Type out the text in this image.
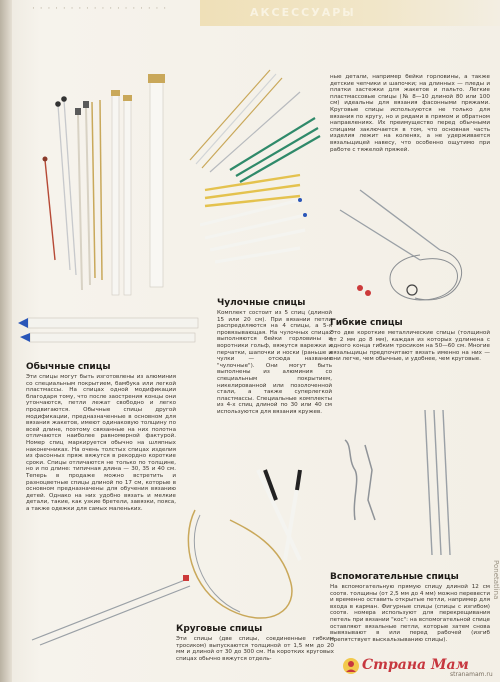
АКСЕССУАРЫ
· · · · · · · · · · · · · · · · · ·

ные детали, например бейки горловины, а также детские чепчики и шапочки; на длинных — пледы и платки застежки для жакетов и пальто. Легкие пластмассовые спицы (№ 8—10 длиной 80 или 100 см) идеальны для вязания фасонными пряжами. Круговые спицы используются не только для вязания по кругу, но и рядами в прямом и обратном направлениях. Их преимущество перед обычными спицами заключается в том, что основная часть изделия лежит на коленях, а не удерживается вязальщицей навесу, что особенно ощутимо при работе с тяжелой пряжей.

Чулочные спицы

Комплект состоит из 5 спиц (длиной 15 или 20 см). При вязании петли распределяются на 4 спицы, а 5-я провязывающая. На чулочных спицах выполняются бейки горловины и воротники гольф, вяжутся варежки и перчатки, шапочки и носки (раньше и чулки — отсюда название "чулочные"). Они могут быть выполнены из алюминия со специальным покрытием, никелированной или позолоченной стали, а также суперлегкой пластмассы. Специальные комплекты из 4-х спиц длиной по 30 или 40 см используются для вязания кружев.

Гибкие спицы

Это две короткие металлические спицы (толщиной от 2 мм до 8 мм), каждая из которых удлинена с одного конца гибким тросиком на 50—60 см. Многие вязальщицы предпочитают вязать именно на них — они легче, чем обычные, и удобнее, чем круговые.

Обычные спицы

Эти спицы могут быть изготовлены из алюминия со специальным покрытием, бамбука или легкой пластмассы. На спицах одной модификации благодаря тому, что после заострения концы они утончаются, петли лежат свободно и легко продвигаются. Обычные спицы другой модификации, предназначенные в основном для вязания жакетов, имеют одинаковую толщину по всей длине, поэтому связанные на них полотна отличаются наиболее равномерной фактурой. Номер спиц маркируется обычно на шляпных наконечниках. На очень толстых спицах изделия из фасонных пряж вяжутся в рекордно короткие сроки. Спицы отличаются не только по толщине, но и по длине: типичная длина — 30, 35 и 40 см. Теперь в продаже можно встретить и разноцветные спицы длиной по 17 см, которые в основном предназначены для обучения вязанию детей. Однако на них удобно вязать и мелкие детали, такие, как узкие бретели, завязки, пояса, а также одежки для самых маленьких.

Круговые спицы

Эти спицы (две спицы, соединенные гибким тросиком) выпускаются толщиной от 1,5 мм до 20 мм и длиной от 30 до 300 см. На коротких круговых спицах обычно вяжутся отдель-

Вспомогательные спицы

На вспомогательную прямую спицу длиной 12 см соотв. толщины (от 2,5 мм до 4 мм) можно перевести и временно оставить открытые петли, например для входа в карман. Фигурные спицы (спицы с изгибом) соотв. номера используют для перекрещивания петель при вязании "кос": на вспомогательной спице оставляют вязальные петли, которые затем снова вывязывают в или перед рабочей (изгиб препятствует выскальзыванию спицы).

Ponetatlina
Страна Мам
stranamam.ru
